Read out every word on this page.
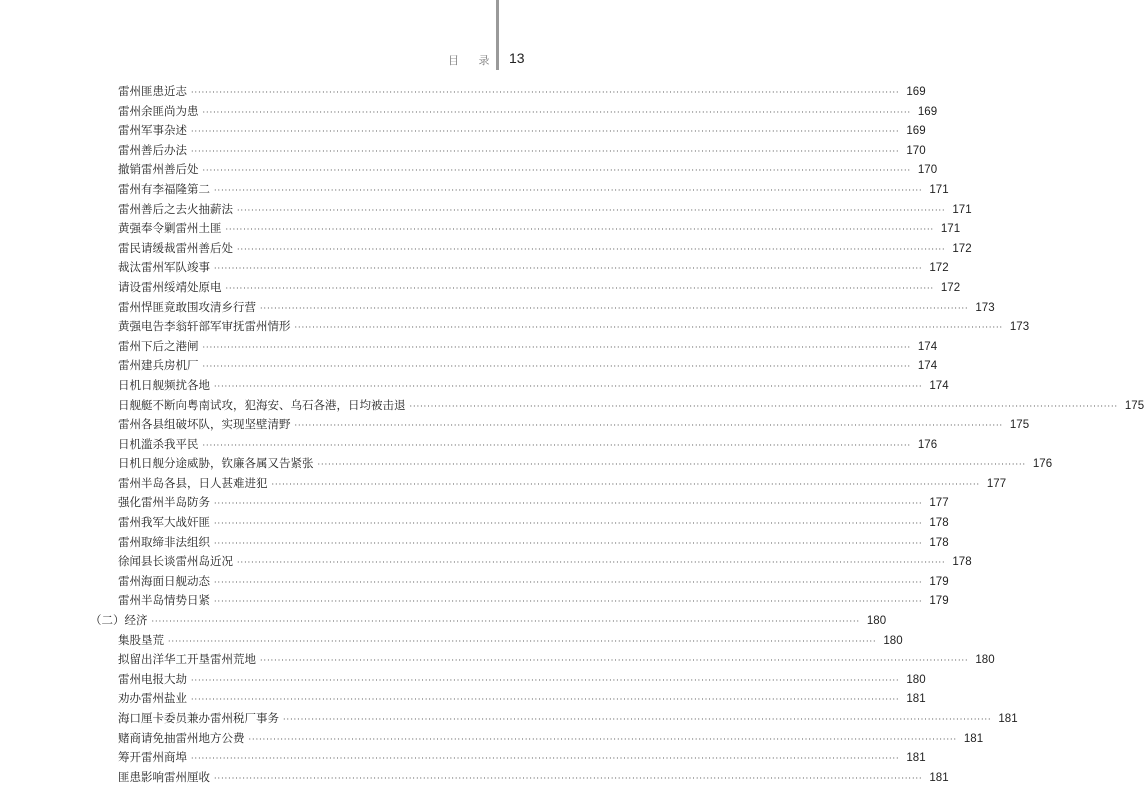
目 录 13
雷州匪患近志 ········································································································································································································ 169
雷州余匪尚为患 ········································································································································································································ 169
雷州军事杂述 ········································································································································································································ 169
雷州善后办法 ········································································································································································································ 170
撤销雷州善后处 ········································································································································································································ 170
雷州有李福隆第二 ········································································································································································································ 171
雷州善后之去火抽薪法 ········································································································································································································ 171
黄强奉令剿雷州土匪 ········································································································································································································ 171
雷民请缓裁雷州善后处 ········································································································································································································ 172
裁汰雷州军队竣事 ········································································································································································································ 172
请设雷州绥靖处原电 ········································································································································································································ 172
雷州悍匪竟敢围攻清乡行营 ········································································································································································································ 173
黄强电告李翁轩部军审抚雷州情形 ········································································································································································································ 173
雷州下后之港闸 ········································································································································································································ 174
雷州建兵房机厂 ········································································································································································································ 174
日机日舰频扰各地 ········································································································································································································ 174
日舰艇不断向粤南试攻，犯海安、乌石各港，日均被击退 ········································································································································································································ 175
雷州各县组破坏队，实现坚壁清野 ········································································································································································································ 175
日机滥杀我平民 ········································································································································································································ 176
日机日舰分途威胁，钦廉各属又告紧张 ········································································································································································································ 176
雷州半岛各县，日人甚难进犯 ········································································································································································································ 177
强化雷州半岛防务 ········································································································································································································ 177
雷州我军大战奸匪 ········································································································································································································ 178
雷州取缔非法组织 ········································································································································································································ 178
徐闻县长谈雷州岛近况 ········································································································································································································ 178
雷州海面日舰动态 ········································································································································································································ 179
雷州半岛情势日紧 ········································································································································································································ 179
（二）经济 ········································································································································································································ 180
集股垦荒 ········································································································································································································ 180
拟留出洋华工开垦雷州荒地 ········································································································································································································ 180
雷州电报大劫 ········································································································································································································ 180
劝办雷州盐业 ········································································································································································································ 181
海口厘卡委员兼办雷州税厂事务 ········································································································································································································ 181
赌商请免抽雷州地方公费 ········································································································································································································ 181
筹开雷州商埠 ········································································································································································································ 181
匪患影响雷州厘收 ········································································································································································································ 181
